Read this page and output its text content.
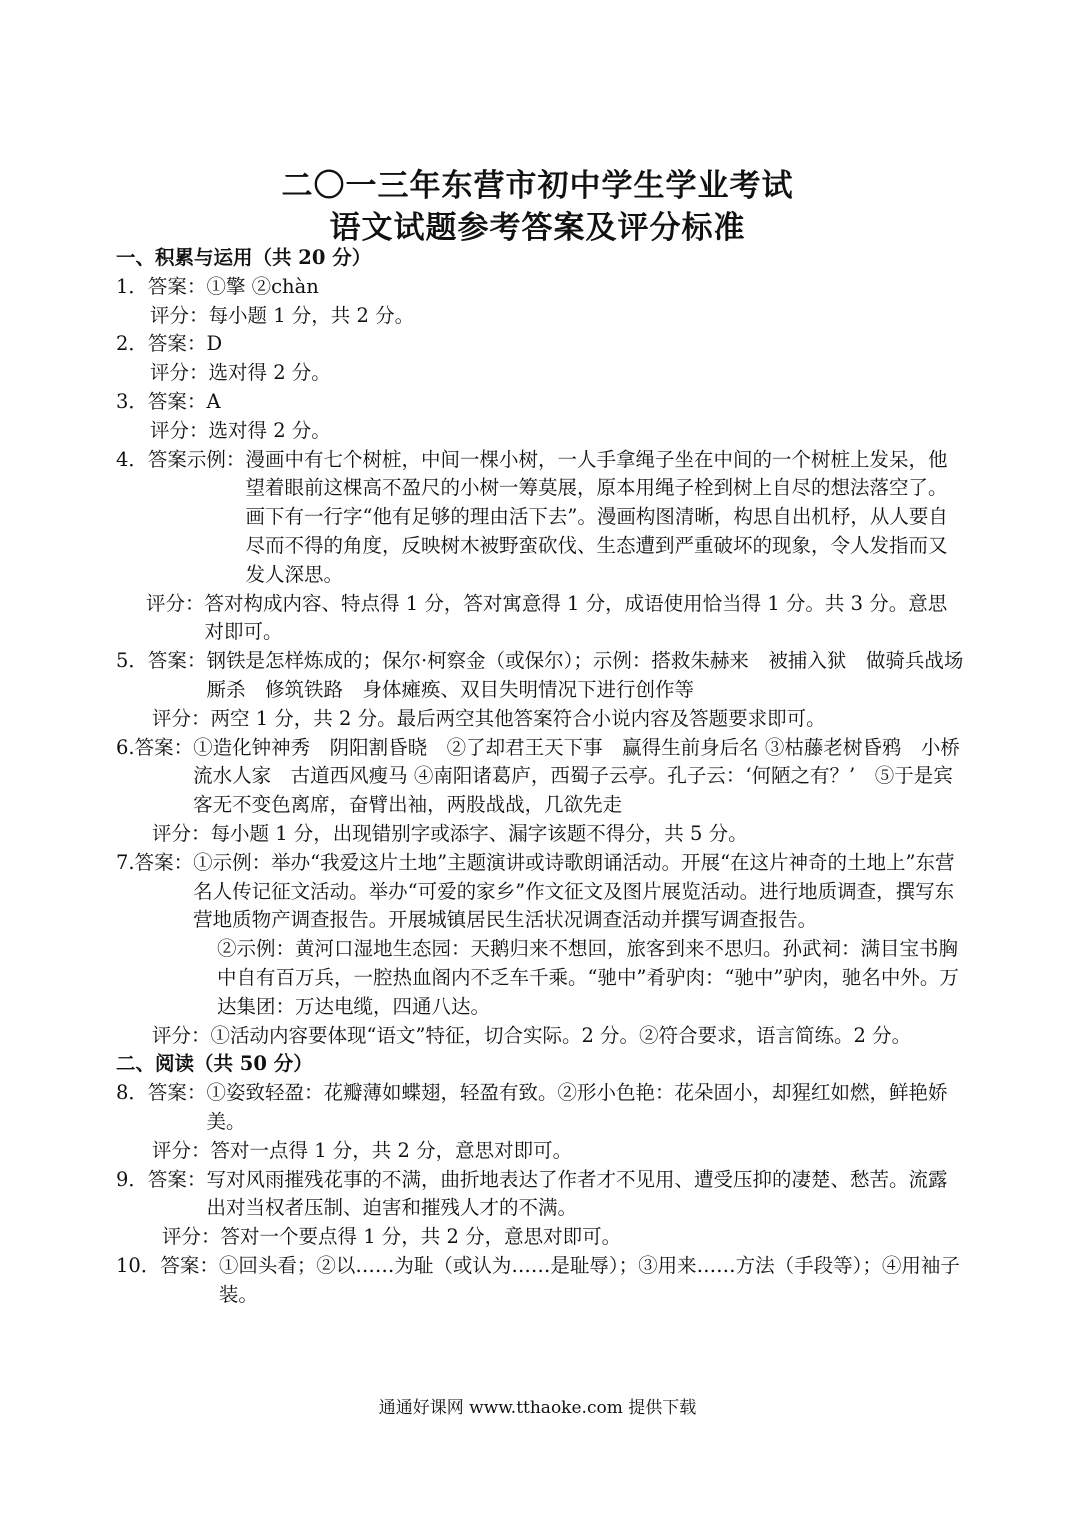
二〇一三年东营市初中学生学业考试
语文试题参考答案及评分标准
一、积累与运用（共 20 分）
1． 答案： ①擎 ②chàn
评分：每小题 1 分，共 2 分。
2． 答案： D
评分：选对得 2 分。
3． 答案： A
评分：选对得 2 分。
4． 答案示例： 漫画中有七个树桩，中间一棵小树，一人手拿绳子坐在中间的一个树桩上发呆，他望着眼前这棵高不盈尺的小树一筹莫展，原本用绳子栓到树上自尽的想法落空了。画下有一行字“他有足够的理由活下去”。漫画构图清晰，构思自出机杼，从人要自尽而不得的角度，反映树木被野蛮砍伐、生态遭到严重破坏的现象，令人发指而又发人深思。
评分： 答对构成内容、特点得 1 分，答对寓意得 1 分，成语使用恰当得 1 分。共 3 分。意思对即可。
5． 答案： 钢铁是怎样炼成的；保尔·柯察金（或保尔）；示例：搭救朱赫来　被捕入狱　做骑兵战场厮杀　修筑铁路　身体瘫痪、双目失明情况下进行创作等
评分：两空 1 分，共 2 分。最后两空其他答案符合小说内容及答题要求即可。
6. 答案： ①造化钟神秀　阴阳割昏晓　②了却君王天下事　赢得生前身后名 ③枯藤老树昏鸦　小桥流水人家　古道西风瘦马 ④南阳诸葛庐，西蜀子云亭。孔子云：‘何陋之有？’　⑤于是宾客无不变色离席，奋臂出袖，两股战战，几欲先走
评分：每小题 1 分，出现错别字或添字、漏字该题不得分，共 5 分。
7. 答案： ①示例：举办“我爱这片土地”主题演讲或诗歌朗诵活动。开展“在这片神奇的土地上”东营名人传记征文活动。举办“可爱的家乡”作文征文及图片展览活动。进行地质调查，撰写东营地质物产调查报告。开展城镇居民生活状况调查活动并撰写调查报告。
②示例：黄河口湿地生态园：天鹅归来不想回，旅客到来不思归。孙武祠：满目宝书胸中自有百万兵，一腔热血阁内不乏车千乘。“驰中”肴驴肉：“驰中”驴肉，驰名中外。万达集团：万达电缆，四通八达。
评分：①活动内容要体现“语文”特征，切合实际。2 分。②符合要求，语言简练。2 分。
二、阅读（共 50 分）
8． 答案： ①姿致轻盈：花瓣薄如蝶翅，轻盈有致。②形小色艳：花朵固小，却猩红如燃，鲜艳娇美。
评分：答对一点得 1 分，共 2 分，意思对即可。
9． 答案： 写对风雨摧残花事的不满，曲折地表达了作者才不见用、遭受压抑的凄楚、愁苦。流露出对当权者压制、迫害和摧残人才的不满。
评分：答对一个要点得 1 分，共 2 分，意思对即可。
10． 答案： ①回头看；②以……为耻（或认为……是耻辱）；③用来……方法（手段等）；④用袖子装。
通通好课网 www.tthaoke.com 提供下载
